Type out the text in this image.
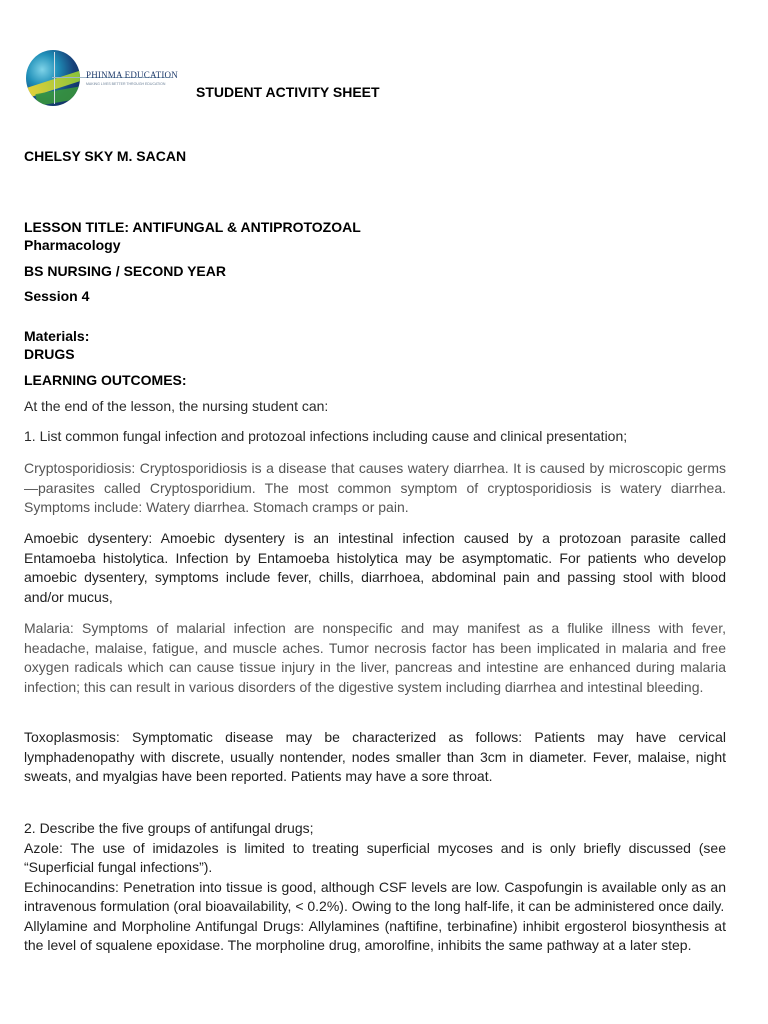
PHINMA EDUCATION
MAKING LIVES BETTER THROUGH EDUCATION STUDENT ACTIVITY SHEET
CHELSY SKY M. SACAN
LESSON TITLE: ANTIFUNGAL & ANTIPROTOZOAL
Pharmacology
BS NURSING / SECOND YEAR
Session 4
Materials:
DRUGS
LEARNING OUTCOMES:
At the end of the lesson, the nursing student can:
1. List common fungal infection and protozoal infections including cause and clinical presentation;

Cryptosporidiosis: Cryptosporidiosis is a disease that causes watery diarrhea. It is caused by microscopic germs—parasites called Cryptosporidium. The most common symptom of cryptosporidiosis is watery diarrhea. Symptoms include: Watery diarrhea. Stomach cramps or pain.

Amoebic dysentery: Amoebic dysentery is an intestinal infection caused by a protozoan parasite called Entamoeba histolytica. Infection by Entamoeba histolytica may be asymptomatic. For patients who develop amoebic dysentery, symptoms include fever, chills, diarrhoea, abdominal pain and passing stool with blood and/or mucus,

Malaria: Symptoms of malarial infection are nonspecific and may manifest as a flulike illness with fever, headache, malaise, fatigue, and muscle aches. Tumor necrosis factor has been implicated in malaria and free oxygen radicals which can cause tissue injury in the liver, pancreas and intestine are enhanced during malaria infection; this can result in various disorders of the digestive system including diarrhea and intestinal bleeding.

Toxoplasmosis: Symptomatic disease may be characterized as follows: Patients may have cervical lymphadenopathy with discrete, usually nontender, nodes smaller than 3cm in diameter. Fever, malaise, night sweats, and myalgias have been reported. Patients may have a sore throat.

2. Describe the five groups of antifungal drugs;

Azole: The use of imidazoles is limited to treating superficial mycoses and is only briefly discussed (see “Superficial fungal infections”).

Echinocandins: Penetration into tissue is good, although CSF levels are low. Caspofungin is available only as an intravenous formulation (oral bioavailability, < 0.2%). Owing to the long half-life, it can be administered once daily.

Allylamine and Morpholine Antifungal Drugs: Allylamines (naftifine, terbinafine) inhibit ergosterol biosynthesis at the level of squalene epoxidase. The morpholine drug, amorolfine, inhibits the same pathway at a later step.
